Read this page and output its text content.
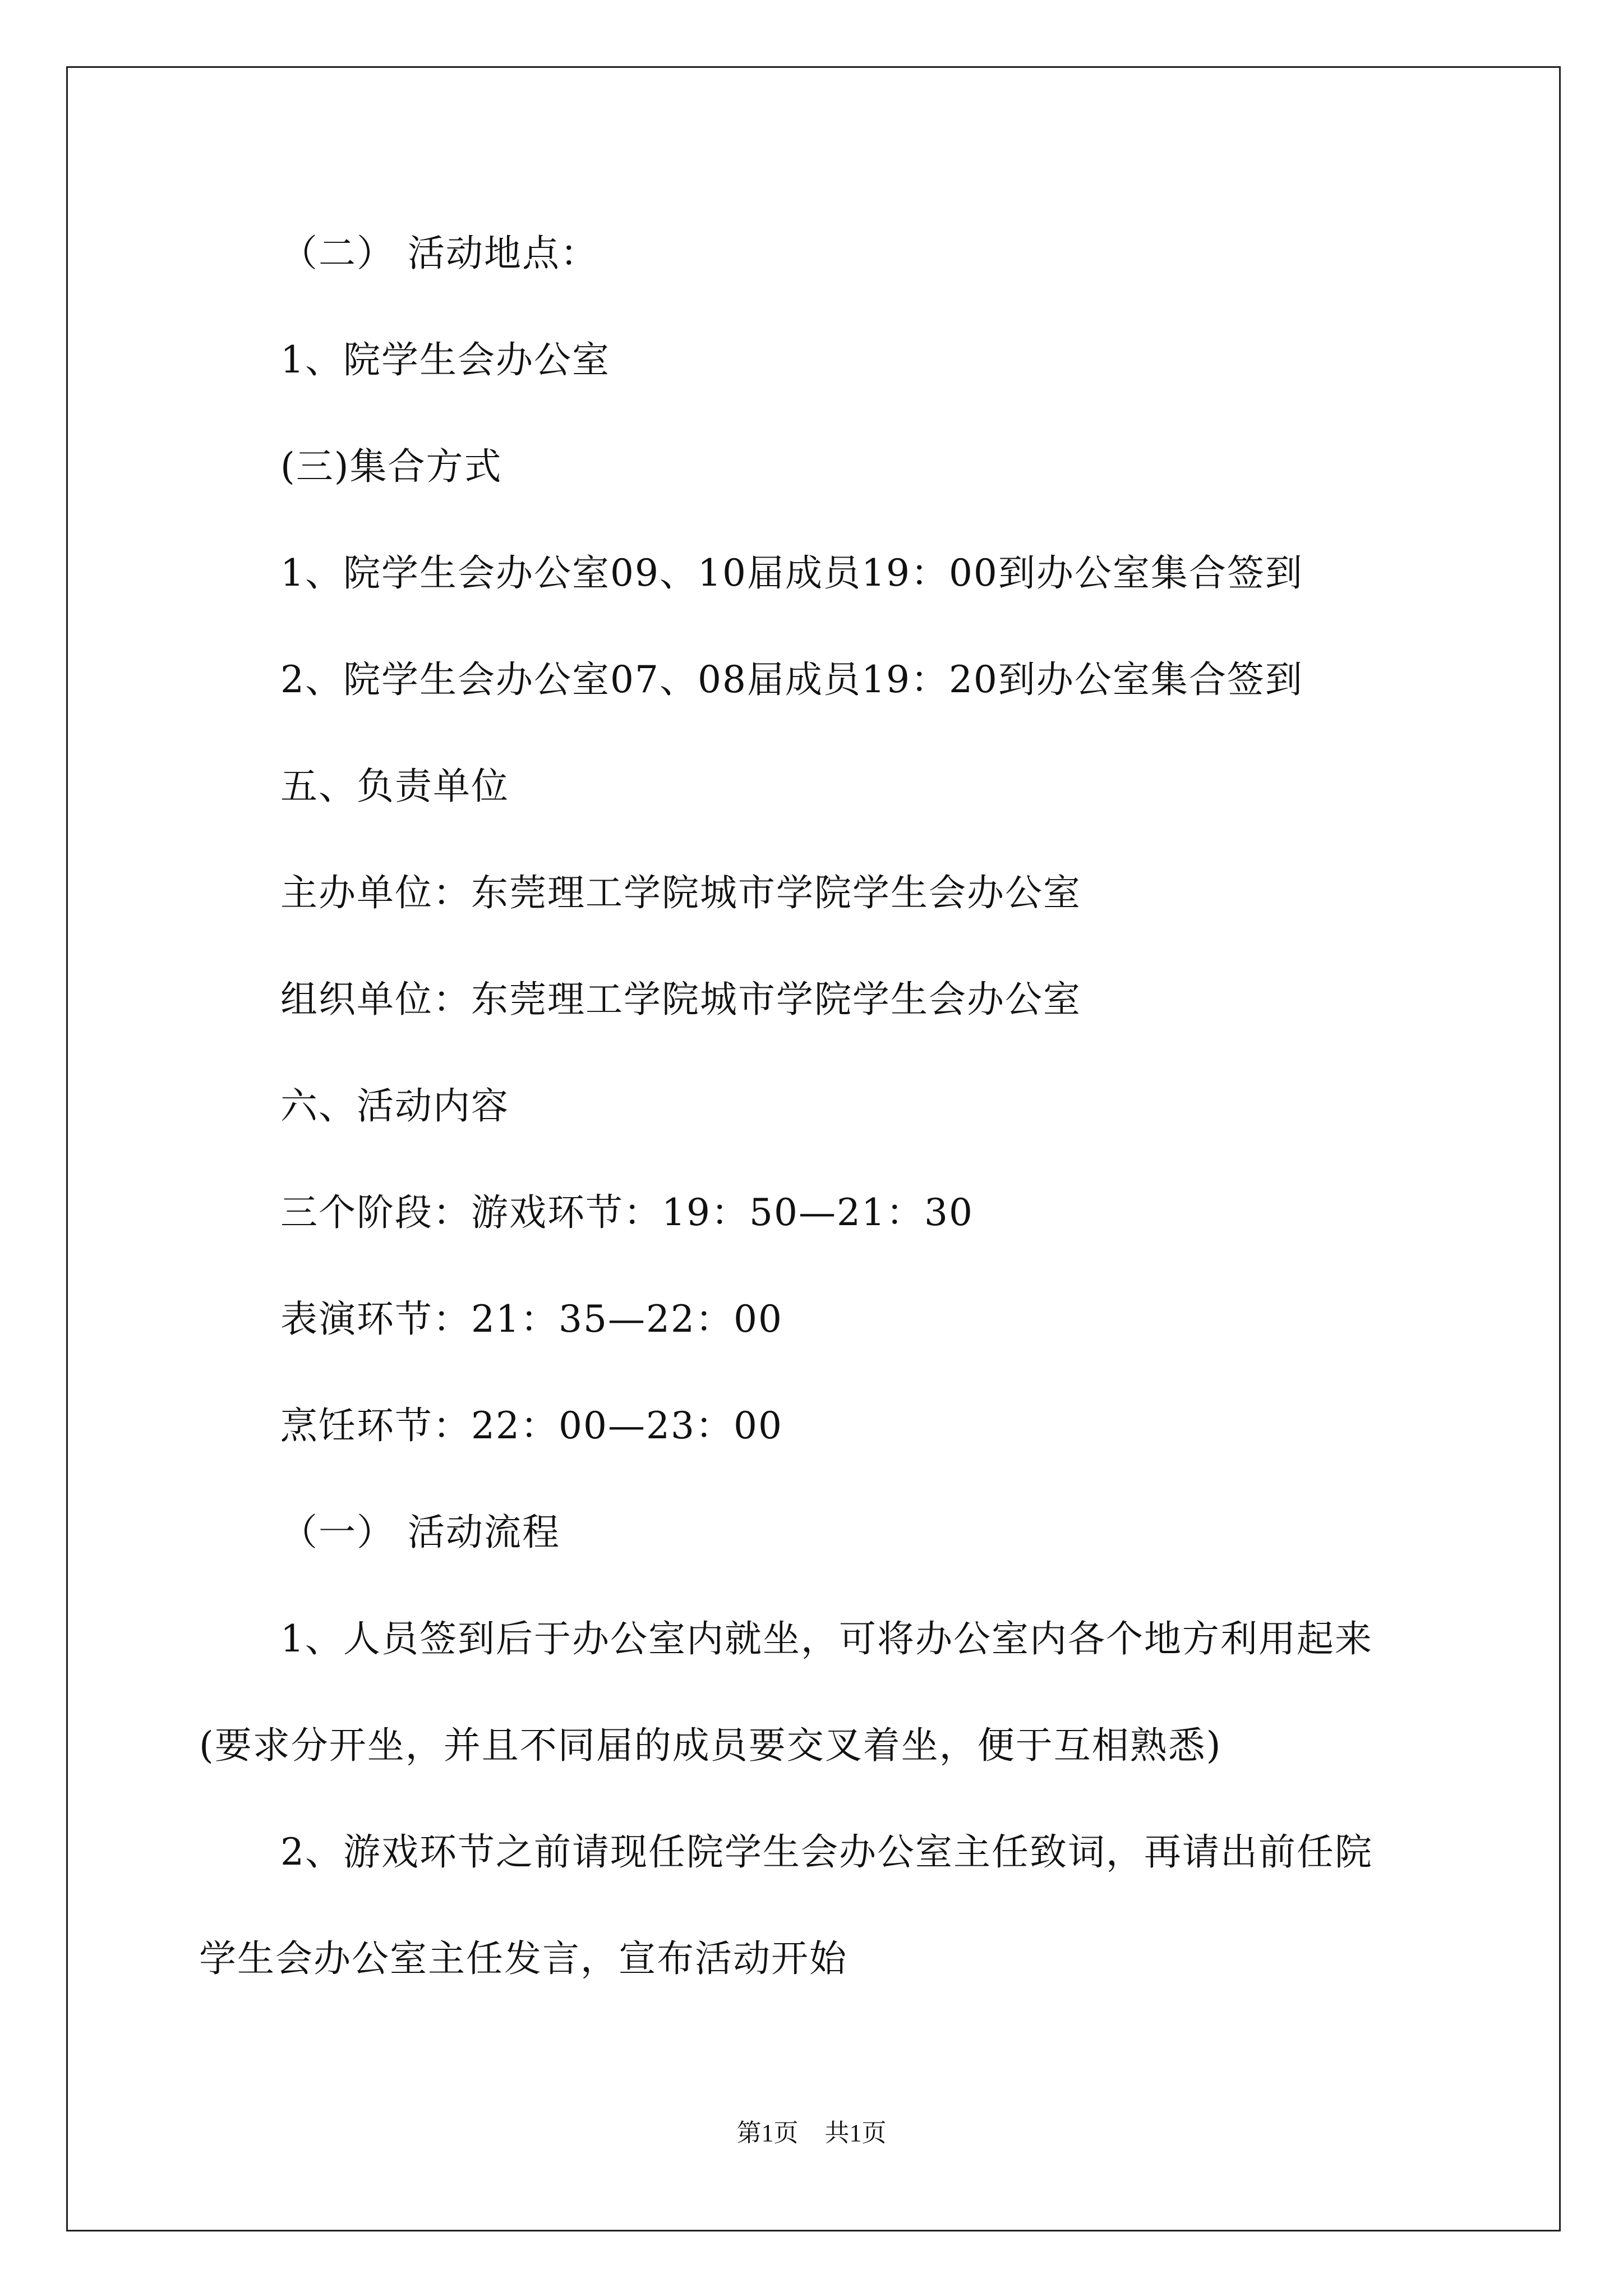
（二） 活动地点：
1、院学生会办公室
(三)集合方式
1、院学生会办公室09、10届成员19：00到办公室集合签到
2、院学生会办公室07、08届成员19：20到办公室集合签到
五、负责单位
主办单位：东莞理工学院城市学院学生会办公室
组织单位：东莞理工学院城市学院学生会办公室
六、活动内容
三个阶段：游戏环节：19：50—21：30
表演环节：21：35—22：00
烹饪环节：22：00—23：00
（一） 活动流程
1、人员签到后于办公室内就坐，可将办公室内各个地方利用起来
(要求分开坐，并且不同届的成员要交叉着坐，便于互相熟悉)
2、游戏环节之前请现任院学生会办公室主任致词，再请出前任院
学生会办公室主任发言，宣布活动开始
第1页 共1页
